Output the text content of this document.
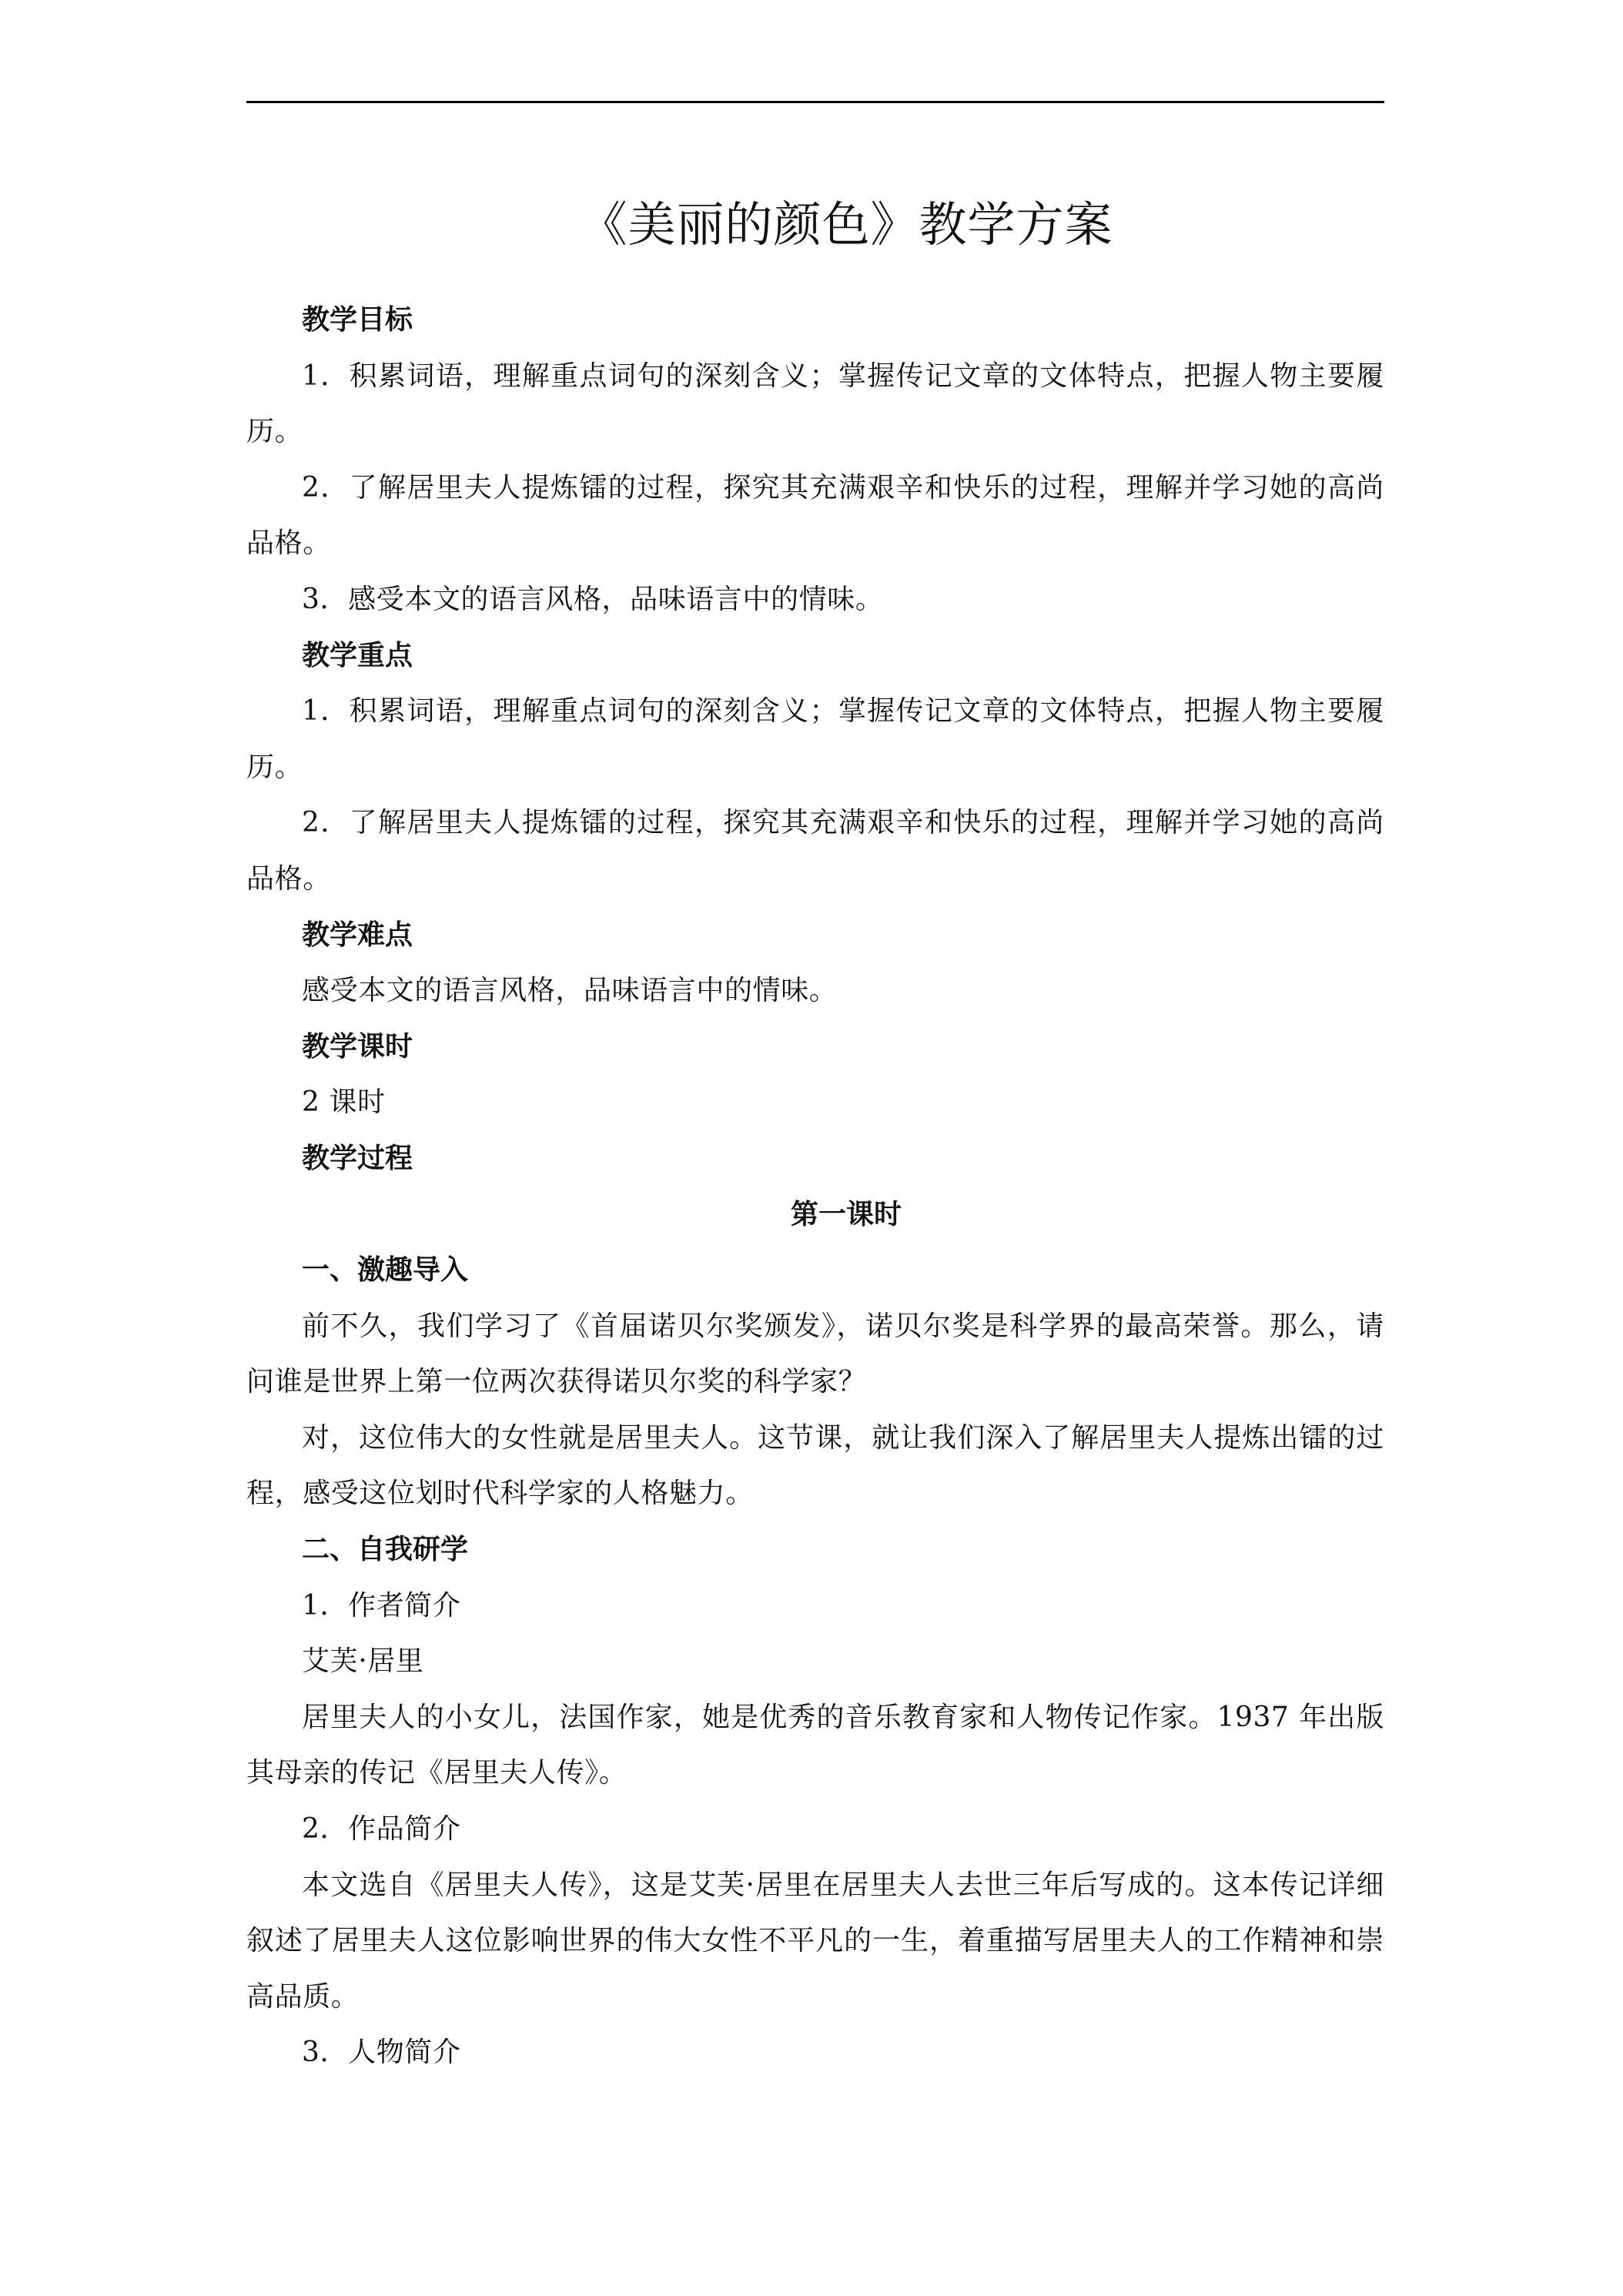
《美丽的颜色》教学方案

教学目标

1．积累词语，理解重点词句的深刻含义；掌握传记文章的文体特点，把握人物主要履历。

2．了解居里夫人提炼镭的过程，探究其充满艰辛和快乐的过程，理解并学习她的高尚品格。

3．感受本文的语言风格，品味语言中的情味。

教学重点

1．积累词语，理解重点词句的深刻含义；掌握传记文章的文体特点，把握人物主要履历。

2．了解居里夫人提炼镭的过程，探究其充满艰辛和快乐的过程，理解并学习她的高尚品格。

教学难点

感受本文的语言风格，品味语言中的情味。

教学课时

2 课时

教学过程

第一课时

一、激趣导入

前不久，我们学习了《首届诺贝尔奖颁发》，诺贝尔奖是科学界的最高荣誉。那么，请问谁是世界上第一位两次获得诺贝尔奖的科学家？

对，这位伟大的女性就是居里夫人。这节课，就让我们深入了解居里夫人提炼出镭的过程，感受这位划时代科学家的人格魅力。

二、自我研学

1．作者简介

艾芙·居里

居里夫人的小女儿，法国作家，她是优秀的音乐教育家和人物传记作家。1937 年出版其母亲的传记《居里夫人传》。

2．作品简介

本文选自《居里夫人传》，这是艾芙·居里在居里夫人去世三年后写成的。这本传记详细叙述了居里夫人这位影响世界的伟大女性不平凡的一生，着重描写居里夫人的工作精神和崇高品质。

3．人物简介
